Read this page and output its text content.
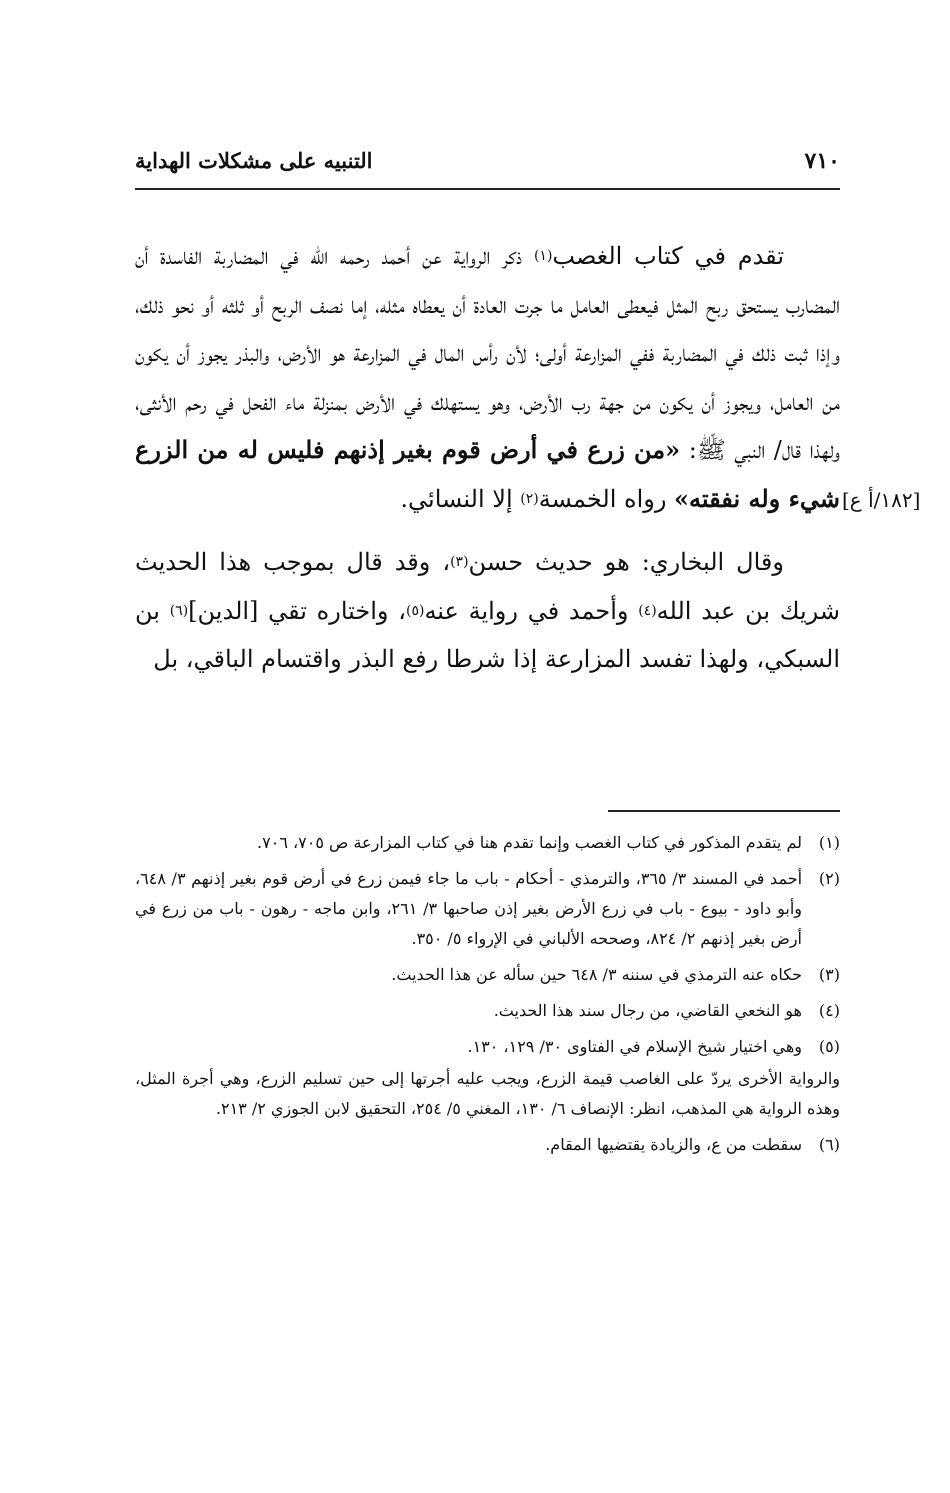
٧١٠
التنبيه على مشكلات الهداية
[١٨٢/أ ع]

تقدم في كتاب الغصب$^{(١)}$ ذكر الرواية عن أحمد رحمه الله في المضاربة الفاسدة أن المضارب يستحق ربح المثل فيعطى العامل ما جرت العادة أن يعطاه مثله، إما نصف الربح أو ثلثه أو نحو ذلك، وإذا ثبت ذلك في المضاربة ففي المزارعة أولى؛ لأن رأس المال في المزارعة هو الأرض، والبذر يجوز أن يكون من العامل، ويجوز أن يكون من جهة رب الأرض، وهو يستهلك في الأرض بمنزلة ماء الفحل في رحم الأنثى، ولهذا قال/ النبي ﷺ: «من زرع في أرض قوم بغير إذنهم فليس له من الزرع شيء وله نفقته» رواه الخمسة$^{(٢)}$ إلا النسائي.

وقال البخاري: هو حديث حسن$^{(٣)}$، وقد قال بموجب هذا الحديث شريك بن عبد الله$^{(٤)}$ وأحمد في رواية عنه$^{(٥)}$، واختاره تقي [الدين]$^{(٦)}$ بن السبكي، ولهذا تفسد المزارعة إذا شرطا رفع البذر واقتسام الباقي، بل

(١)
لم يتقدم المذكور في كتاب الغصب وإنما تقدم هنا في كتاب المزارعة ص ٧٠٥، ٧٠٦.
(٢)
أحمد في المسند ٣/ ٣٦٥، والترمذي - أحكام - باب ما جاء فيمن زرع في أرض قوم بغير إذنهم ٣/ ٦٤٨، وأبو داود - بيوع - باب في زرع الأرض بغير إذن صاحبها ٣/ ٢٦١، وابن ماجه - رهون - باب من زرع في أرض بغير إذنهم ٢/ ٨٢٤، وصححه الألباني في الإرواء ٥/ ٣٥٠.
(٣)
حكاه عنه الترمذي في سننه ٣/ ٦٤٨ حين سأله عن هذا الحديث.
(٤)
هو النخعي القاضي، من رجال سند هذا الحديث.
(٥)
وهي اختيار شيخ الإسلام في الفتاوى ٣٠/ ١٢٩، ١٣٠.
والرواية الأخرى يردّ على الغاصب قيمة الزرع، ويجب عليه أجرتها إلى حين تسليم الزرع، وهي أجرة المثل، وهذه الرواية هي المذهب، انظر: الإنصاف ٦/ ١٣٠، المغني ٥/ ٢٥٤، التحقيق لابن الجوزي ٢/ ٢١٣.
(٦)
سقطت من ع، والزيادة يقتضيها المقام.
